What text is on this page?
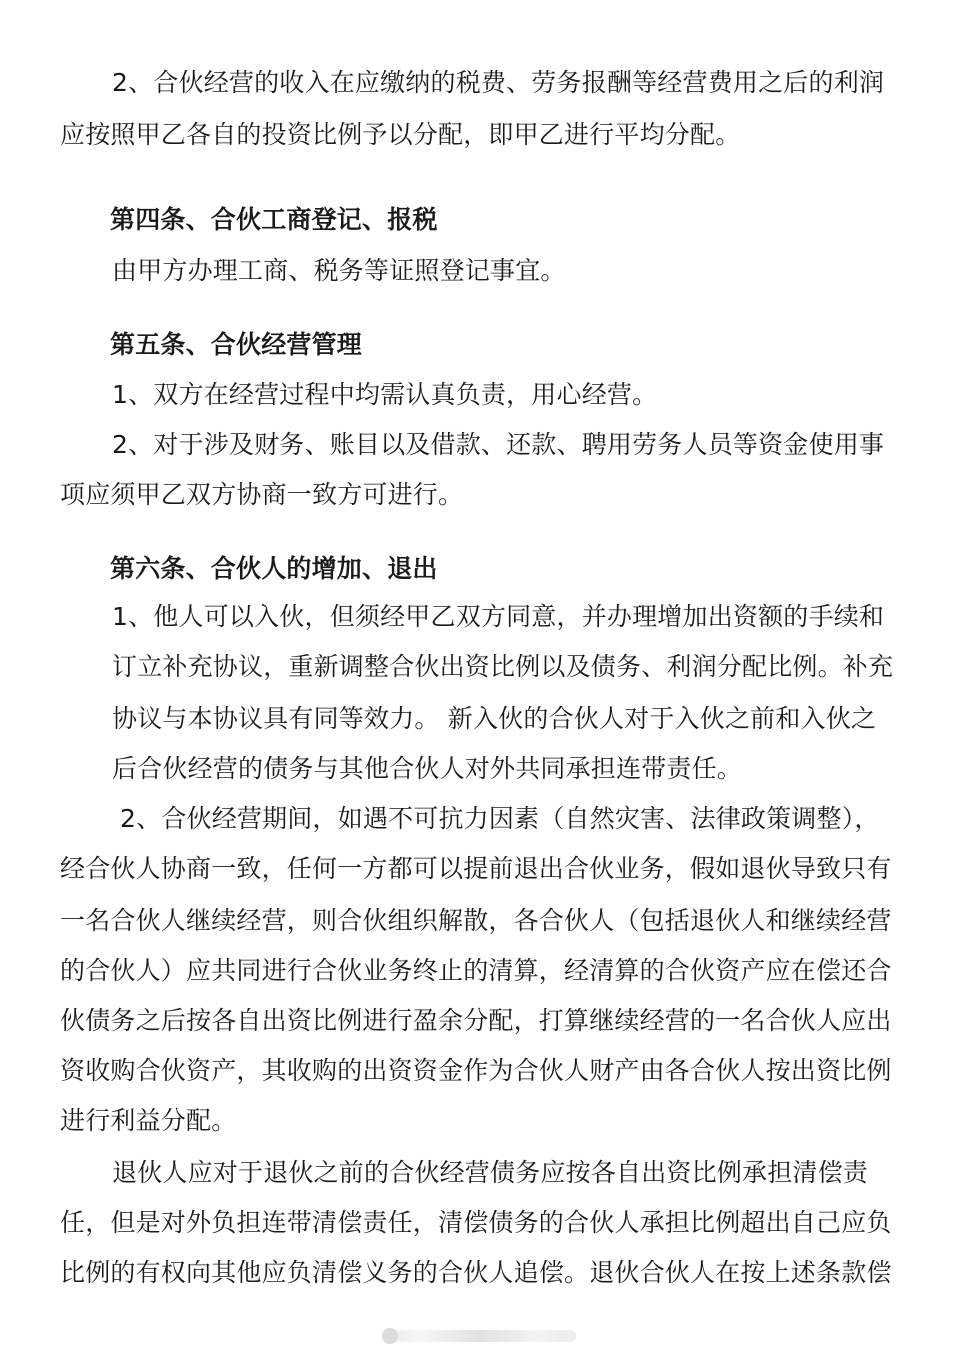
2、合伙经营的收入在应缴纳的税费、劳务报酬等经营费用之后的利润
应按照甲乙各自的投资比例予以分配，即甲乙进行平均分配。
第四条、合伙工商登记、报税
由甲方办理工商、税务等证照登记事宜。
第五条、合伙经营管理
1、双方在经营过程中均需认真负责，用心经营。
2、对于涉及财务、账目以及借款、还款、聘用劳务人员等资金使用事
项应须甲乙双方协商一致方可进行。
第六条、合伙人的增加、退出
1、他人可以入伙，但须经甲乙双方同意，并办理增加出资额的手续和
订立补充协议，重新调整合伙出资比例以及债务、利润分配比例。补充
协议与本协议具有同等效力。 新入伙的合伙人对于入伙之前和入伙之
后合伙经营的债务与其他合伙人对外共同承担连带责任。
2、合伙经营期间，如遇不可抗力因素（自然灾害、法律政策调整），
经合伙人协商一致，任何一方都可以提前退出合伙业务，假如退伙导致只有
一名合伙人继续经营，则合伙组织解散，各合伙人（包括退伙人和继续经营
的合伙人）应共同进行合伙业务终止的清算，经清算的合伙资产应在偿还合
伙债务之后按各自出资比例进行盈余分配，打算继续经营的一名合伙人应出
资收购合伙资产，其收购的出资资金作为合伙人财产由各合伙人按出资比例
进行利益分配。
退伙人应对于退伙之前的合伙经营债务应按各自出资比例承担清偿责
任，但是对外负担连带清偿责任，清偿债务的合伙人承担比例超出自己应负
比例的有权向其他应负清偿义务的合伙人追偿。退伙合伙人在按上述条款偿
